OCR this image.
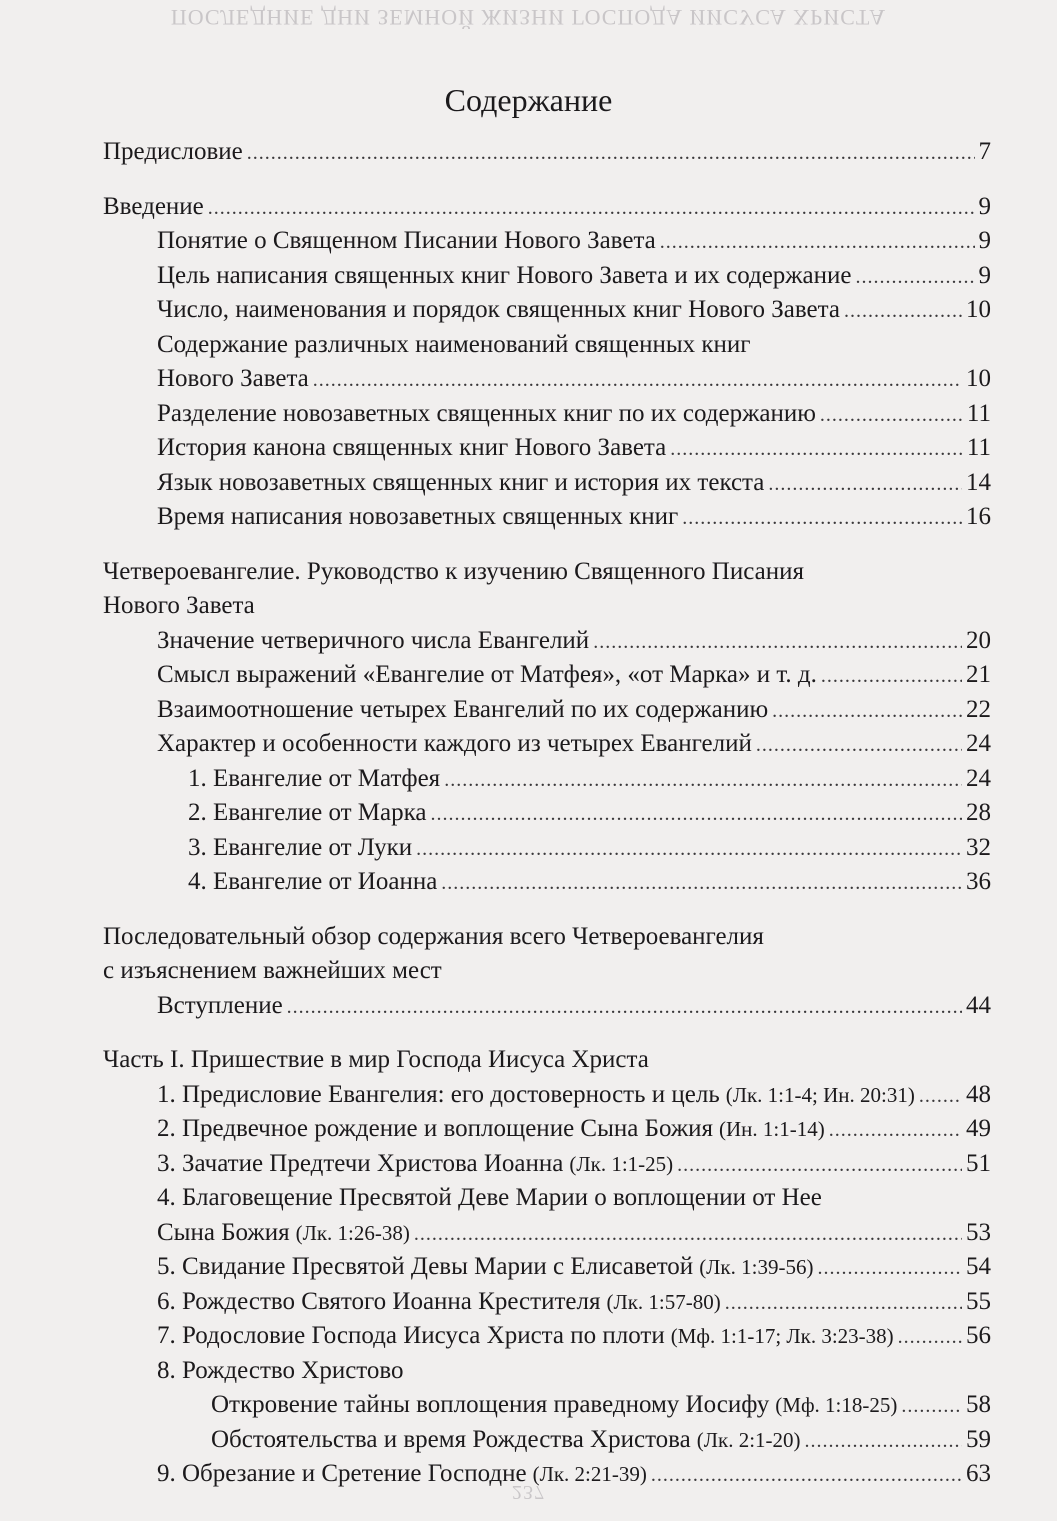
ПОСЛЕДНИЕ ДНИ ЗЕМНОЙ ЖИЗНИ ГОСПОДА ИИСУСА ХРИСТА
Содержание
Предисловие .....	7
Введение .....	9
Понятие о Священном Писании Нового Завета .....	9
Цель написания священных книг Нового Завета и их содержание .....	9
Число, наименования и порядок священных книг Нового Завета .....	10
Содержание различных наименований священных книг
Нового Завета .....	10
Разделение новозаветных священных книг по их содержанию .....	11
История канона священных книг Нового Завета .....	11
Язык новозаветных священных книг и история их текста .....	14
Время написания новозаветных священных книг .....	16
Четвероевангелие. Руководство к изучению Священного Писания
Нового Завета
Значение четверичного числа Евангелий .....	20
Смысл выражений «Евангелие от Матфея», «от Марка» и т. д. .....	21
Взаимоотношение четырех Евангелий по их содержанию .....	22
Характер и особенности каждого из четырех Евангелий .....	24
1. Евангелие от Матфея .....	24
2. Евангелие от Марка .....	28
3. Евангелие от Луки .....	32
4. Евангелие от Иоанна .....	36
Последовательный обзор содержания всего Четвероевангелия
с изъяснением важнейших мест
Вступление .....	44
Часть I. Пришествие в мир Господа Иисуса Христа
1. Предисловие Евангелия: его достоверность и цель (Лк. 1:1-4; Ин. 20:31) ..... 48
2. Предвечное рождение и воплощение Сына Божия (Ин. 1:1-14) .....	49
3. Зачатие Предтечи Христова Иоанна (Лк. 1:1-25) .....	51
4. Благовещение Пресвятой Деве Марии о воплощении от Нее
Сына Божия (Лк. 1:26-38) .....	53
5. Свидание Пресвятой Девы Марии с Елисаветой (Лк. 1:39-56) .....	54
6. Рождество Святого Иоанна Крестителя (Лк. 1:57-80) .....	55
7. Родословие Господа Иисуса Христа по плоти (Мф. 1:1-17; Лк. 3:23-38) .....	56
8. Рождество Христово
Откровение тайны воплощения праведному Иосифу (Мф. 1:18-25) .....	58
Обстоятельства и время Рождества Христова (Лк. 2:1-20) .....	59
9. Обрезание и Сретение Господне (Лк. 2:21-39) .....	63
237
